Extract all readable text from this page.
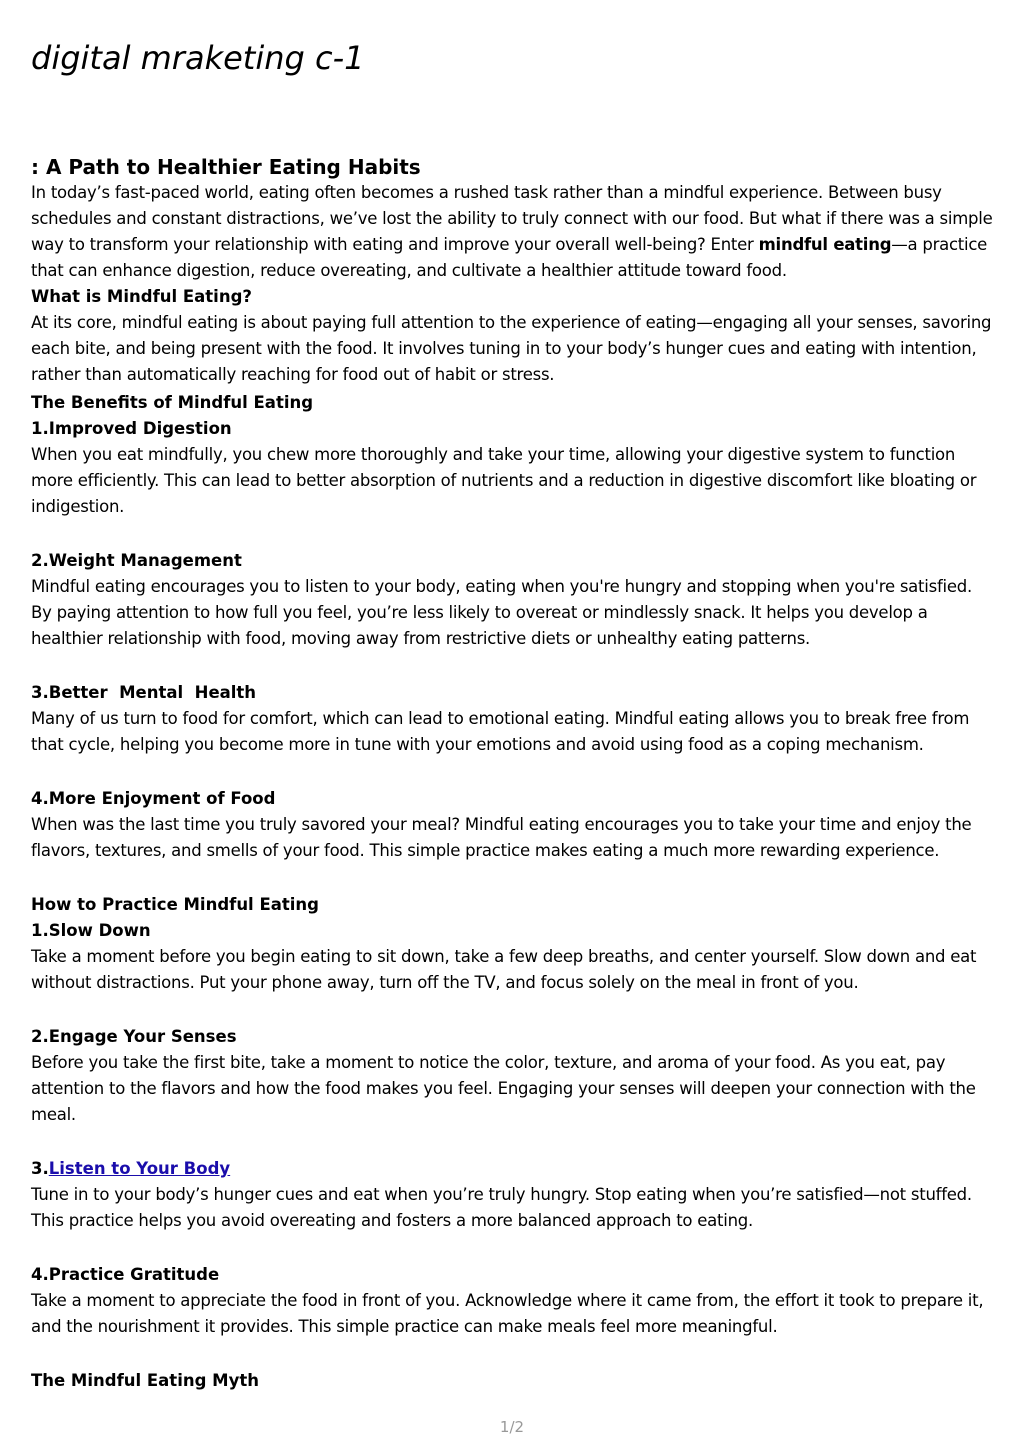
digital mraketing c-1
: A Path to Healthier Eating Habits

In today’s fast-paced world, eating often becomes a rushed task rather than a mindful experience. Between busy schedules and constant distractions, we’ve lost the ability to truly connect with our food. But what if there was a simple way to transform your relationship with eating and improve your overall well-being? Enter mindful eating—a practice that can enhance digestion, reduce overeating, and cultivate a healthier attitude toward food.

What is Mindful Eating?

At its core, mindful eating is about paying full attention to the experience of eating—engaging all your senses, savoring each bite, and being present with the food. It involves tuning in to your body’s hunger cues and eating with intention, rather than automatically reaching for food out of habit or stress.

The Benefits of Mindful Eating
1.Improved Digestion

When you eat mindfully, you chew more thoroughly and take your time, allowing your digestive system to function more efficiently. This can lead to better absorption of nutrients and a reduction in digestive discomfort like bloating or indigestion.

2.Weight Management

Mindful eating encourages you to listen to your body, eating when you're hungry and stopping when you're satisfied. By paying attention to how full you feel, you’re less likely to overeat or mindlessly snack. It helps you develop a healthier relationship with food, moving away from restrictive diets or unhealthy eating patterns.

3.Better  Mental  Health

Many of us turn to food for comfort, which can lead to emotional eating. Mindful eating allows you to break free from that cycle, helping you become more in tune with your emotions and avoid using food as a coping mechanism.

4.More Enjoyment of Food

When was the last time you truly savored your meal? Mindful eating encourages you to take your time and enjoy the flavors, textures, and smells of your food. This simple practice makes eating a much more rewarding experience.

How to Practice Mindful Eating
1.Slow Down

Take a moment before you begin eating to sit down, take a few deep breaths, and center yourself. Slow down and eat without distractions. Put your phone away, turn off the TV, and focus solely on the meal in front of you.

2.Engage Your Senses

Before you take the first bite, take a moment to notice the color, texture, and aroma of your food. As you eat, pay attention to the flavors and how the food makes you feel. Engaging your senses will deepen your connection with the meal.

3.Listen to Your Body

Tune in to your body’s hunger cues and eat when you’re truly hungry. Stop eating when you’re satisfied—not stuffed. This practice helps you avoid overeating and fosters a more balanced approach to eating.

4.Practice Gratitude

Take a moment to appreciate the food in front of you. Acknowledge where it came from, the effort it took to prepare it, and the nourishment it provides. This simple practice can make meals feel more meaningful.

The Mindful Eating Myth
1/2
